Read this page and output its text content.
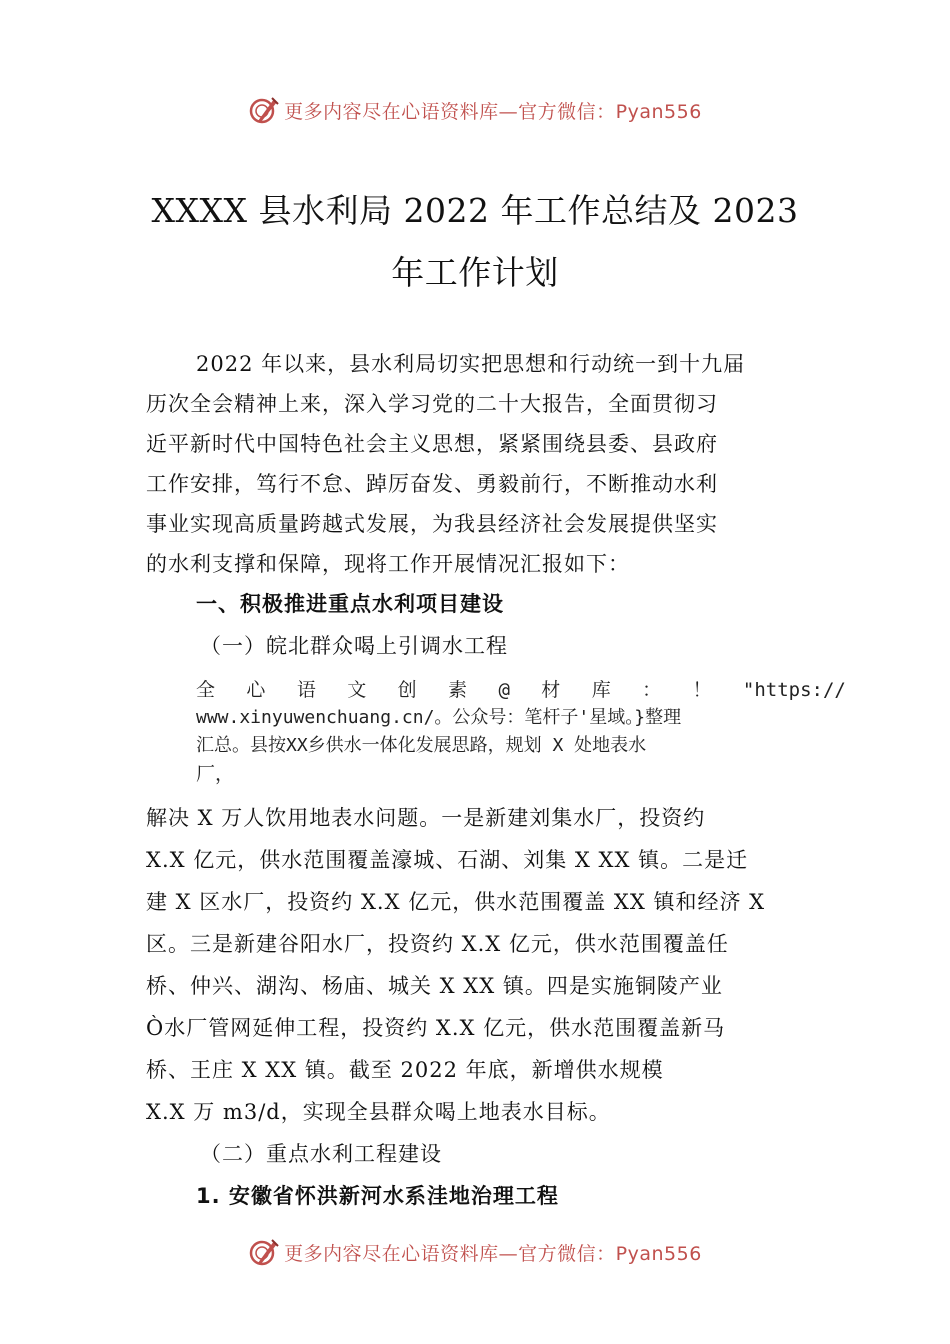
更多内容尽在心语资料库—官方微信：Pyan556
XXXX 县水利局 2022 年工作总结及 2023
年工作计划
2022 年以来，县水利局切实把思想和行动统一到十九届
历次全会精神上来，深入学习党的二十大报告，全面贯彻习
近平新时代中国特色社会主义思想，紧紧围绕县委、县政府
工作安排，笃行不怠、踔厉奋发、勇毅前行，不断推动水利
事业实现高质量跨越式发展，为我县经济社会发展提供坚实
的水利支撑和保障，现将工作开展情况汇报如下：
一、积极推进重点水利项目建设
（一）皖北群众喝上引调水工程
全 心 语 文 创 素 @ 材 库 ： ！ "https://
www.xinyuwenchuang.cn/。公众号：笔杆子'星域。}整理
汇总。县按XX乡供水一体化发展思路，规划 X 处地表水
厂，
解决 X 万人饮用地表水问题。一是新建刘集水厂，投资约
X.X 亿元，供水范围覆盖濠城、石湖、刘集 X XX 镇。二是迁
建 X 区水厂，投资约 X.X 亿元，供水范围覆盖 XX 镇和经济 X
区。三是新建谷阳水厂，投资约 X.X 亿元，供水范围覆盖任
桥、仲兴、湖沟、杨庙、城关 X XX 镇。四是实施铜陵产业
Ò水厂管网延伸工程，投资约 X.X 亿元，供水范围覆盖新马
桥、王庄 X XX 镇。截至 2022 年底，新增供水规模
X.X 万 m3/d，实现全县群众喝上地表水目标。
（二）重点水利工程建设
1. 安徽省怀洪新河水系洼地治理工程
更多内容尽在心语资料库—官方微信：Pyan556
